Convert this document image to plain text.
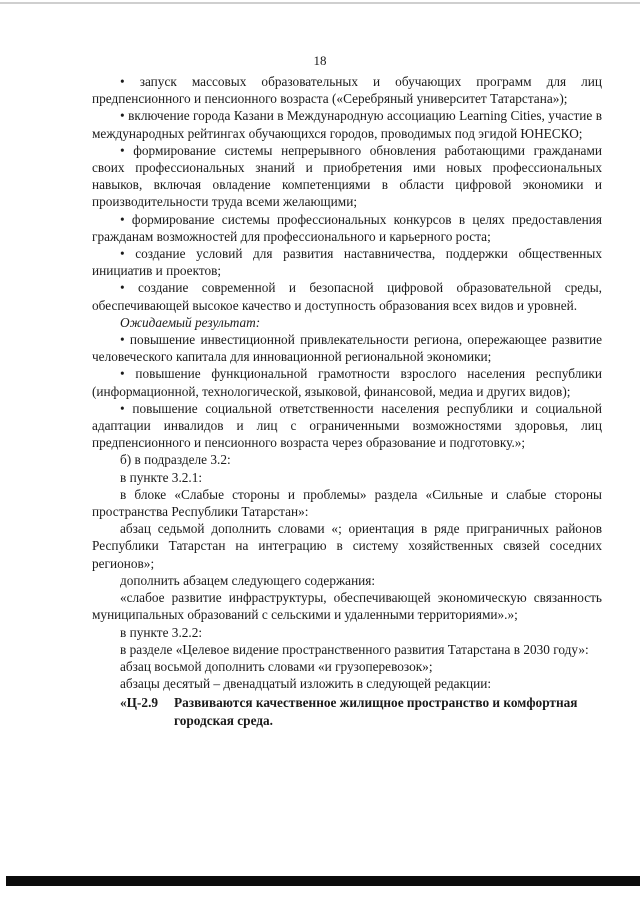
18

• запуск массовых образовательных и обучающих программ для лиц предпенсионного и пенсионного возраста («Серебряный университет Татарстана»);

• включение города Казани в Международную ассоциацию Learning Cities, участие в международных рейтингах обучающихся городов, проводимых под эгидой ЮНЕСКО;

• формирование системы непрерывного обновления работающими гражданами своих профессиональных знаний и приобретения ими новых профессиональных навыков, включая овладение компетенциями в области цифровой экономики и производительности труда всеми желающими;

• формирование системы профессиональных конкурсов в целях предоставления гражданам возможностей для профессионального и карьерного роста;

• создание условий для развития наставничества, поддержки общественных инициатив и проектов;

• создание современной и безопасной цифровой образовательной среды, обеспечивающей высокое качество и доступность образования всех видов и уровней.

Ожидаемый результат:

• повышение инвестиционной привлекательности региона, опережающее развитие человеческого капитала для инновационной региональной экономики;

• повышение функциональной грамотности взрослого населения республики (информационной, технологической, языковой, финансовой, медиа и других видов);

• повышение социальной ответственности населения республики и социальной адаптации инвалидов и лиц с ограниченными возможностями здоровья, лиц предпенсионного и пенсионного возраста через образование и подготовку.»;

б) в подразделе 3.2:

в пункте 3.2.1:

в блоке «Слабые стороны и проблемы» раздела «Сильные и слабые стороны пространства Республики Татарстан»:

абзац седьмой дополнить словами «; ориентация в ряде приграничных районов Республики Татарстан на интеграцию в систему хозяйственных связей соседних регионов»;

дополнить абзацем следующего содержания:

«слабое развитие инфраструктуры, обеспечивающей экономическую связанность муниципальных образований с сельскими и удаленными территориями».»;

в пункте 3.2.2:

в разделе «Целевое видение пространственного развития Татарстана в 2030 году»:

абзац восьмой дополнить словами «и грузоперевозок»;

абзацы десятый – двенадцатый изложить в следующей редакции:

«Ц-2.9	Развиваются качественное жилищное пространство и комфортная городская среда.
